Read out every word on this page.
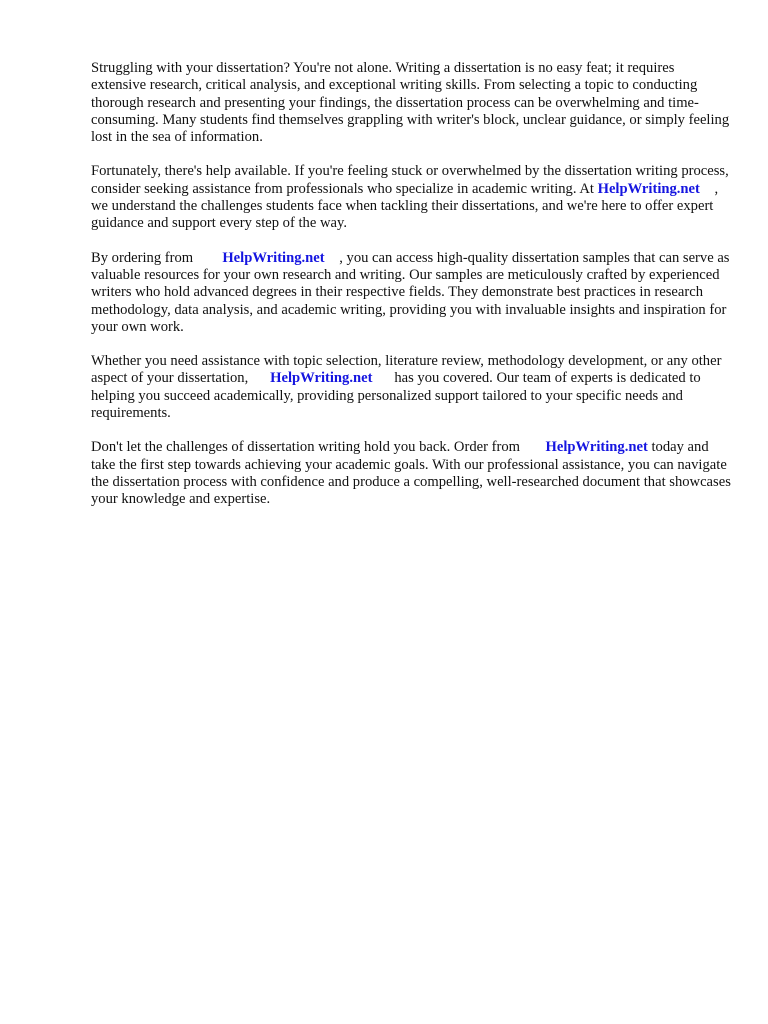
Struggling with your dissertation? You're not alone. Writing a dissertation is no easy feat; it requires extensive research, critical analysis, and exceptional writing skills. From selecting a topic to conducting thorough research and presenting your findings, the dissertation process can be overwhelming and time-consuming. Many students find themselves grappling with writer's block, unclear guidance, or simply feeling lost in the sea of information.

Fortunately, there's help available. If you're feeling stuck or overwhelmed by the dissertation writing process, consider seeking assistance from professionals who specialize in academic writing. At HelpWriting.net , we understand the challenges students face when tackling their dissertations, and we're here to offer expert guidance and support every step of the way.

By ordering from HelpWriting.net , you can access high-quality dissertation samples that can serve as valuable resources for your own research and writing. Our samples are meticulously crafted by experienced writers who hold advanced degrees in their respective fields. They demonstrate best practices in research methodology, data analysis, and academic writing, providing you with invaluable insights and inspiration for your own work.

Whether you need assistance with topic selection, literature review, methodology development, or any other aspect of your dissertation, HelpWriting.net has you covered. Our team of experts is dedicated to helping you succeed academically, providing personalized support tailored to your specific needs and requirements.

Don't let the challenges of dissertation writing hold you back. Order from HelpWriting.net today and take the first step towards achieving your academic goals. With our professional assistance, you can navigate the dissertation process with confidence and produce a compelling, well-researched document that showcases your knowledge and expertise.
